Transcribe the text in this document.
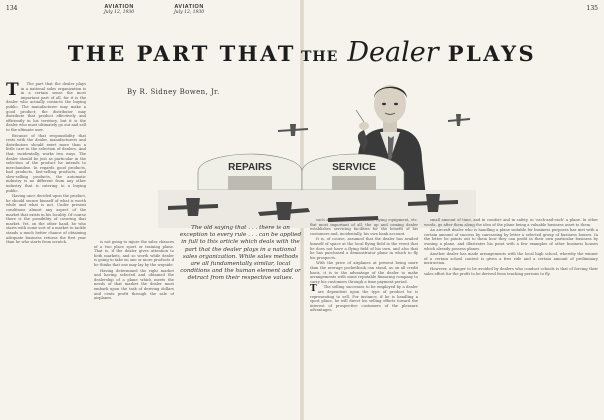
134	AVIATION
July 12, 1930
AVIATION
July 12, 1930
135
THE PART THAT THE Dealer PLAYS
By R. Sidney Bowen, Jr.
REPAIRS	SERVICE
T	The part that the dealer plays in a national sales organization is in a certain sense the most important part of all, for it is the dealer who actually contacts the buying public. The manufacturer may make a good product; the distributor may distribute that product effectively and efficiently in his territory, but it is the dealer who must ultimately go out and sell to the ultimate user.

Because of that responsibility that rests with the dealer, manufacturers and distributors should exert more than a little care in the selection of dealers. And that, incidentally, works two ways. The dealer should be just as particular in the selection of the product he intends to merchandise. In regards good products, bad products, fast-selling products, and slow-selling products, the automatic industry is no different from any other industry that is catering to a buying public.

Having once decided upon the product, he should secure himself of what is worth while and what is not. Under present conditions almost any aspect of the market that exists in his locality. Of course there is the possibility of covering that market. Yet, on the other hand, he who starts with some sort of a market to tackle stands a much better chance of obtaining adequate business returns the first year than he who starts from scratch.	is not going to injure the sales chances of a two place sport or training plane. That is, if the dealer gives attention to both markets, and so worth while dealer is going to take on one or more products if he thinks that one may lay by the wayside.

Having determined the right market and having selected and obtained the dealership of a plane which meets the needs of that market the dealer must embark upon the task of deriving dollars and cents profit through the sale of airplanes.

The old saying that . . . there is an exception to every rule . . . can be applied in full to this article which deals with the part that the dealer plays in a national sales organization. While sales methods are all fundamentally similar, local conditions and the human element add or detract from their respective values.

such as parts and accessories, flying equipment, etc. But most important of all, the up and coming dealer establishes servicing facilities for the benefit of his customers and, incidentally, his own bank account.

It is, of course, assumed that the dealer has availed himself of space at the local flying field in the event that he does not have a flying field of his own, and also that he has purchased a demonstrator plane in which to fly his prospects.

With the price of airplanes at present being more than the average pocketbook can stand, as on all credit basis, it is to the advantage of the dealer to make arrangements with some reputable financing company to carry his customers through a time payment period.

T	The selling successes to be employed by a dealer are dependent upon the type of product he is representing to sell. For instance, if he is handling a sport plane, he will direct his selling efforts toward the interest of prospective customers of the pleasure advantages.

small amount of time, and in comfort and in safety, in 'each-and-each' a plane. In other words, go after them along the idea of the plane being a valuable business asset to them.

An aircraft dealer who is handling a plane suitable for business purposes has met with a certain amount of success by canvassing by letter a selected group of business houses. In the letter he points out to them how they can profit in their own particular business by owning a plane, and illustrates his point with a few examples of other business houses which already possess planes.

Another dealer has made arrangements with the local high school, whereby the winner of a certain school contest is given a free ride and a certain amount of preliminary instruction.

However, a danger to be avoided by dealers who conduct schools is that of forcing their sales effort for the profit to be derived from teaching persons to fly.
